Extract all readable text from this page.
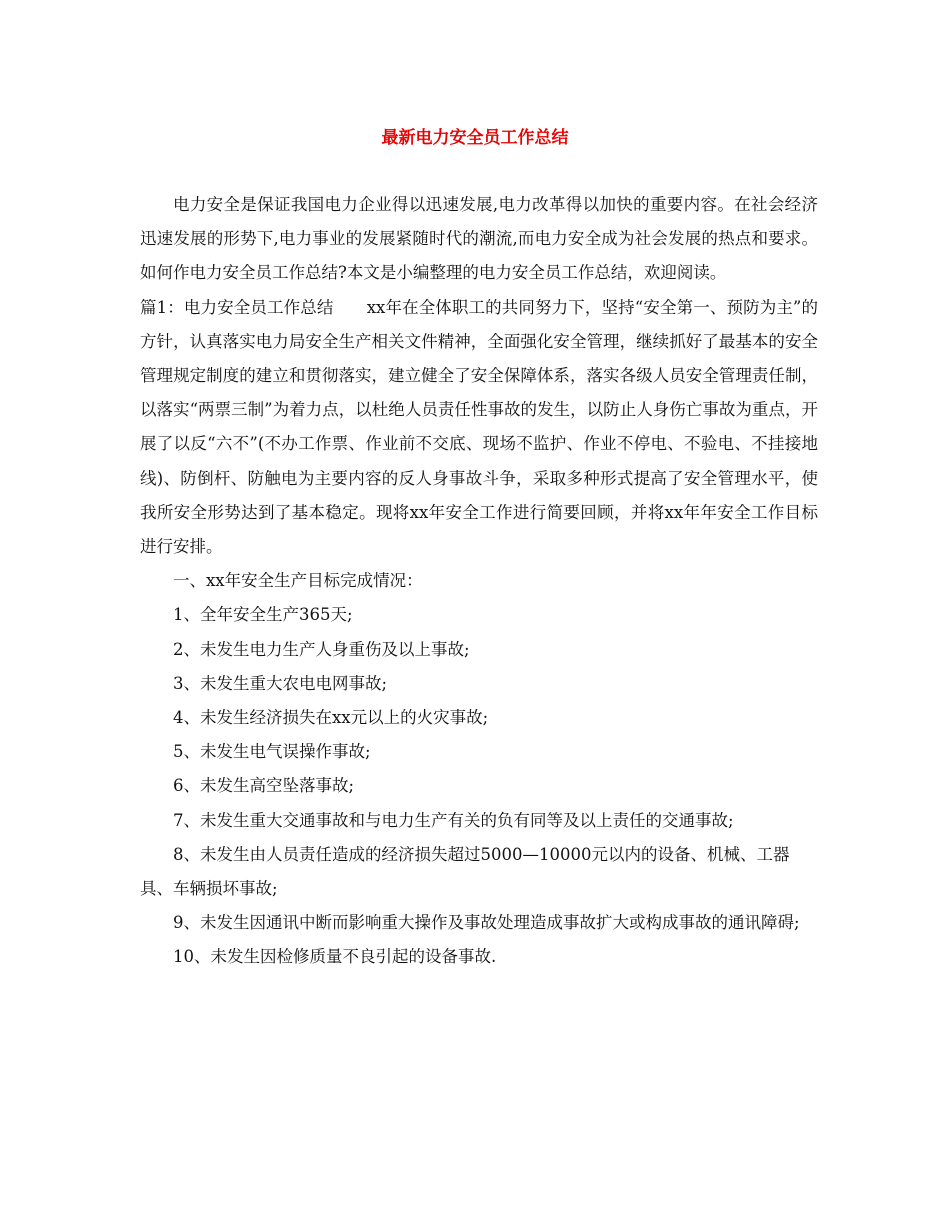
最新电力安全员工作总结

电力安全是保证我国电力企业得以迅速发展,电力改革得以加快的重要内容。在社会经济迅速发展的形势下,电力事业的发展紧随时代的潮流,而电力安全成为社会发展的热点和要求。如何作电力安全员工作总结?本文是小编整理的电力安全员工作总结，欢迎阅读。

篇1：电力安全员工作总结　　xx年在全体职工的共同努力下，坚持“安全第一、预防为主”的方针，认真落实电力局安全生产相关文件精神，全面强化安全管理，继续抓好了最基本的安全管理规定制度的建立和贯彻落实，建立健全了安全保障体系，落实各级人员安全管理责任制，以落实“两票三制”为着力点，以杜绝人员责任性事故的发生，以防止人身伤亡事故为重点，开展了以反“六不”(不办工作票、作业前不交底、现场不监护、作业不停电、不验电、不挂接地线)、防倒杆、防触电为主要内容的反人身事故斗争，采取多种形式提高了安全管理水平，使我所安全形势达到了基本稳定。现将xx年安全工作进行简要回顾，并将xx年年安全工作目标进行安排。

一、xx年安全生产目标完成情况：

1、全年安全生产365天;

2、未发生电力生产人身重伤及以上事故;

3、未发生重大农电电网事故;

4、未发生经济损失在xx元以上的火灾事故;

5、未发生电气误操作事故;

6、未发生高空坠落事故;

7、未发生重大交通事故和与电力生产有关的负有同等及以上责任的交通事故;

8、未发生由人员责任造成的经济损失超过5000—10000元以内的设备、机械、工器具、车辆损坏事故;

9、未发生因通讯中断而影响重大操作及事故处理造成事故扩大或构成事故的通讯障碍;

10、未发生因检修质量不良引起的设备事故.
